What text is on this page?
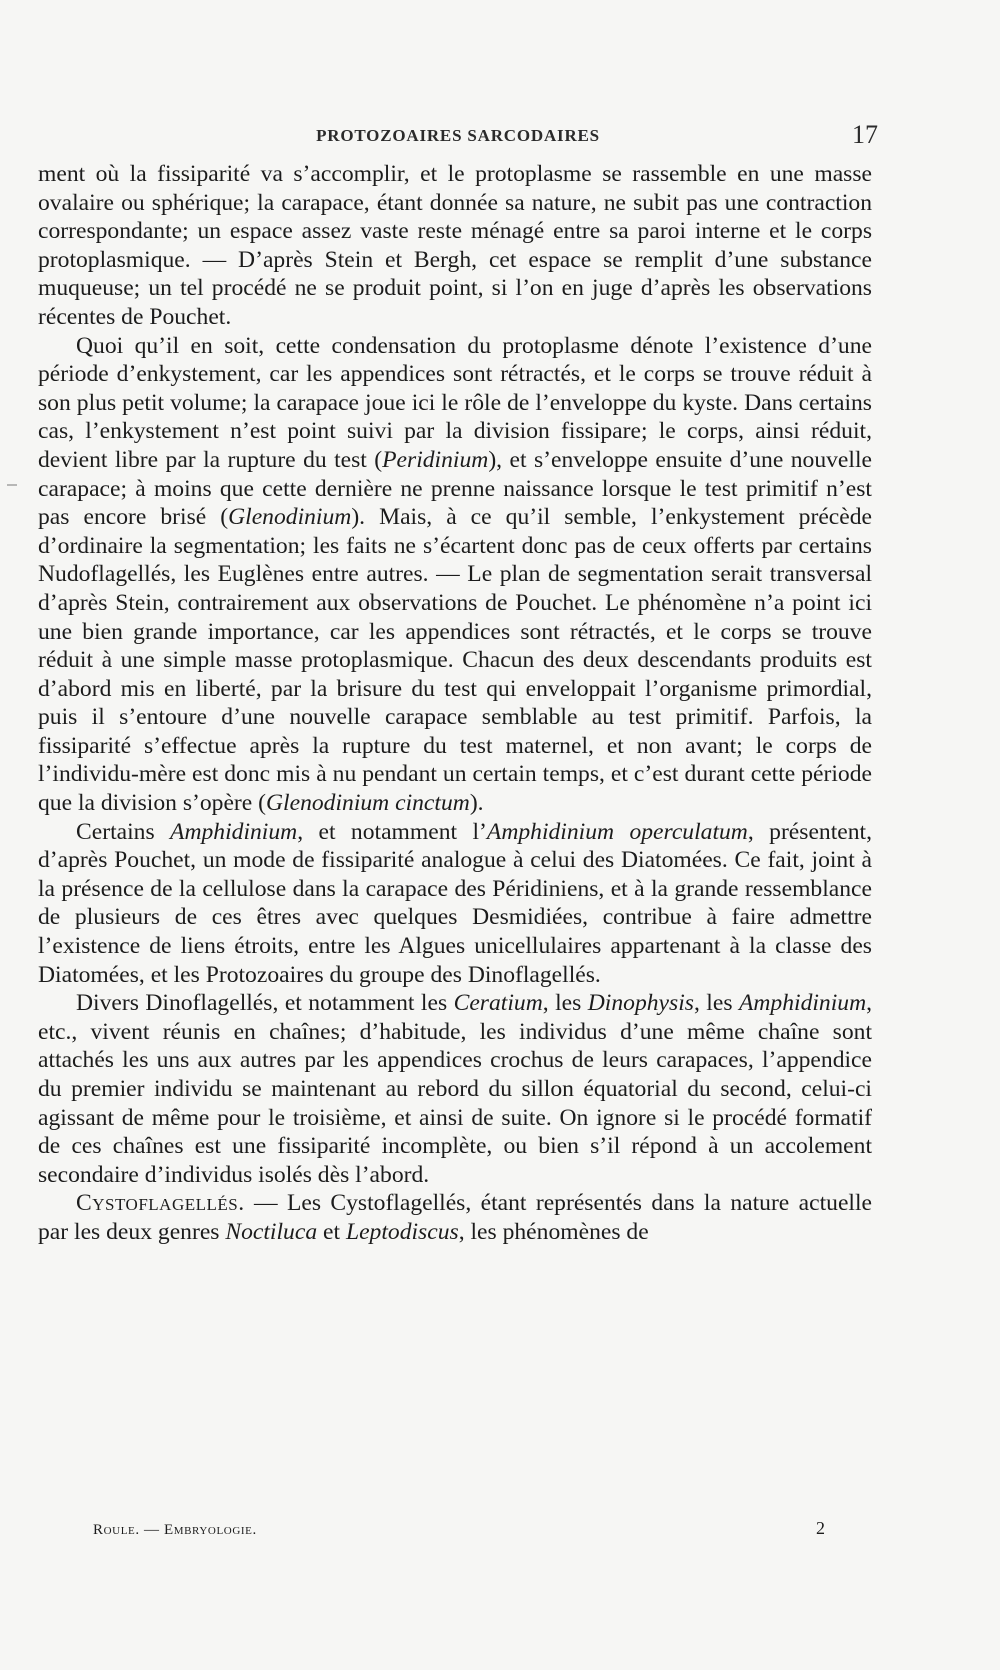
PROTOZOAIRES SARCODAIRES	17

ment où la fissiparité va s’accomplir, et le protoplasme se rassemble en une masse ovalaire ou sphérique; la carapace, étant donnée sa nature, ne subit pas une contraction correspondante; un espace assez vaste reste ménagé entre sa paroi interne et le corps protoplasmique. — D’après Stein et Bergh, cet espace se remplit d’une substance muqueuse; un tel procédé ne se produit point, si l’on en juge d’après les observations récentes de Pouchet.

Quoi qu’il en soit, cette condensation du protoplasme dénote l’existence d’une période d’enkystement, car les appendices sont rétractés, et le corps se trouve réduit à son plus petit volume; la carapace joue ici le rôle de l’enveloppe du kyste. Dans certains cas, l’enkystement n’est point suivi par la division fissipare; le corps, ainsi réduit, devient libre par la rupture du test (Peridinium), et s’enveloppe ensuite d’une nouvelle carapace; à moins que cette dernière ne prenne naissance lorsque le test primitif n’est pas encore brisé (Glenodinium). Mais, à ce qu’il semble, l’enkystement précède d’ordinaire la segmentation; les faits ne s’écartent donc pas de ceux offerts par certains Nudoflagellés, les Euglènes entre autres. — Le plan de segmentation serait transversal d’après Stein, contrairement aux observations de Pouchet. Le phénomène n’a point ici une bien grande importance, car les appendices sont rétractés, et le corps se trouve réduit à une simple masse protoplasmique. Chacun des deux descendants produits est d’abord mis en liberté, par la brisure du test qui enveloppait l’organisme primordial, puis il s’entoure d’une nouvelle carapace semblable au test primitif. Parfois, la fissiparité s’effectue après la rupture du test maternel, et non avant; le corps de l’individu-mère est donc mis à nu pendant un certain temps, et c’est durant cette période que la division s’opère (Glenodinium cinctum).

Certains Amphidinium, et notamment l’Amphidinium operculatum, présentent, d’après Pouchet, un mode de fissiparité analogue à celui des Diatomées. Ce fait, joint à la présence de la cellulose dans la carapace des Péridiniens, et à la grande ressemblance de plusieurs de ces êtres avec quelques Desmidiées, contribue à faire admettre l’existence de liens étroits, entre les Algues unicellulaires appartenant à la classe des Diatomées, et les Protozoaires du groupe des Dinoflagellés.

Divers Dinoflagellés, et notamment les Ceratium, les Dinophysis, les Amphidinium, etc., vivent réunis en chaînes; d’habitude, les individus d’une même chaîne sont attachés les uns aux autres par les appendices crochus de leurs carapaces, l’appendice du premier individu se maintenant au rebord du sillon équatorial du second, celui-ci agissant de même pour le troisième, et ainsi de suite. On ignore si le procédé formatif de ces chaînes est une fissiparité incomplète, ou bien s’il répond à un accolement secondaire d’individus isolés dès l’abord.

Cystoflagellés. — Les Cystoflagellés, étant représentés dans la nature actuelle par les deux genres Noctiluca et Leptodiscus, les phénomènes de

Roule. — Embryologie.	2
